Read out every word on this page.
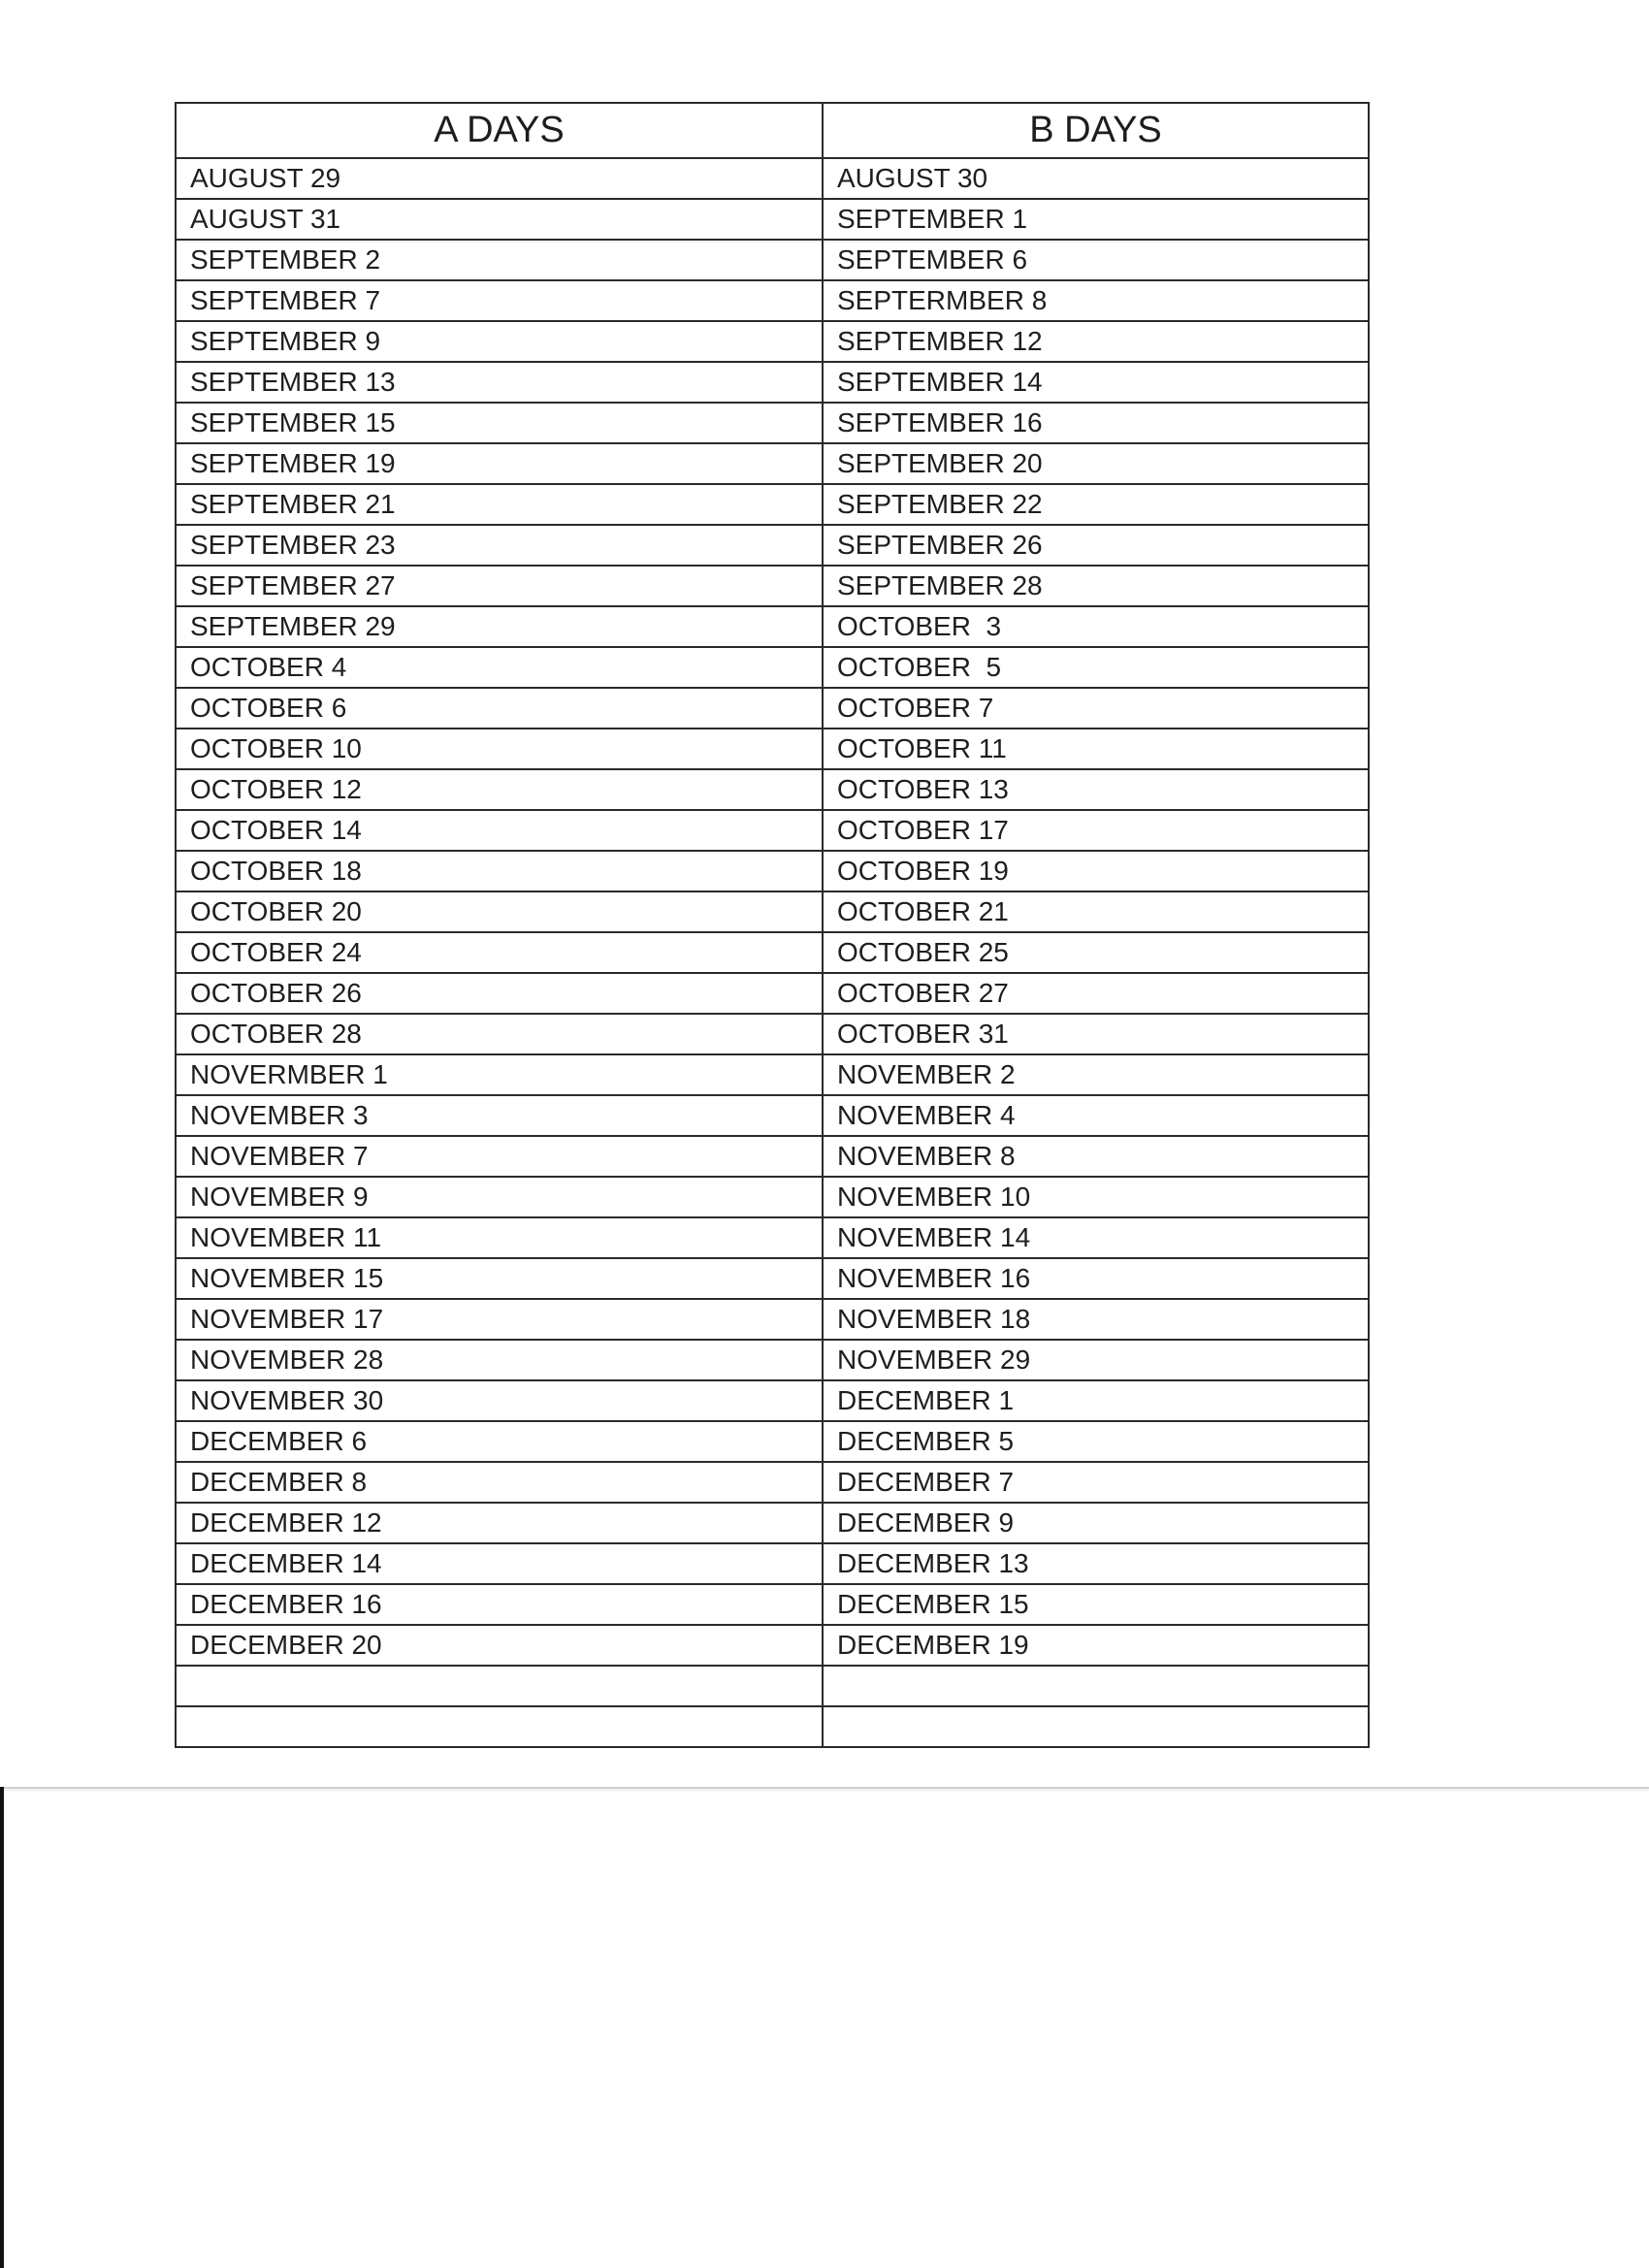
A DAYS	B DAYS
AUGUST 29	AUGUST 30
AUGUST 31	SEPTEMBER 1
SEPTEMBER 2	SEPTEMBER 6
SEPTEMBER 7	SEPTERMBER 8
SEPTEMBER 9	SEPTEMBER 12
SEPTEMBER 13	SEPTEMBER 14
SEPTEMBER 15	SEPTEMBER 16
SEPTEMBER 19	SEPTEMBER 20
SEPTEMBER 21	SEPTEMBER 22
SEPTEMBER 23	SEPTEMBER 26
SEPTEMBER 27	SEPTEMBER 28
SEPTEMBER 29	OCTOBER  3
OCTOBER 4	OCTOBER  5
OCTOBER 6	OCTOBER 7
OCTOBER 10	OCTOBER 11
OCTOBER 12	OCTOBER 13
OCTOBER 14	OCTOBER 17
OCTOBER 18	OCTOBER 19
OCTOBER 20	OCTOBER 21
OCTOBER 24	OCTOBER 25
OCTOBER 26	OCTOBER 27
OCTOBER 28	OCTOBER 31
NOVERMBER 1	NOVEMBER 2
NOVEMBER 3	NOVEMBER 4
NOVEMBER 7	NOVEMBER 8
NOVEMBER 9	NOVEMBER 10
NOVEMBER 11	NOVEMBER 14
NOVEMBER 15	NOVEMBER 16
NOVEMBER 17	NOVEMBER 18
NOVEMBER 28	NOVEMBER 29
NOVEMBER 30	DECEMBER 1
DECEMBER 6	DECEMBER 5
DECEMBER 8	DECEMBER 7
DECEMBER 12	DECEMBER 9
DECEMBER 14	DECEMBER 13
DECEMBER 16	DECEMBER 15
DECEMBER 20	DECEMBER 19
